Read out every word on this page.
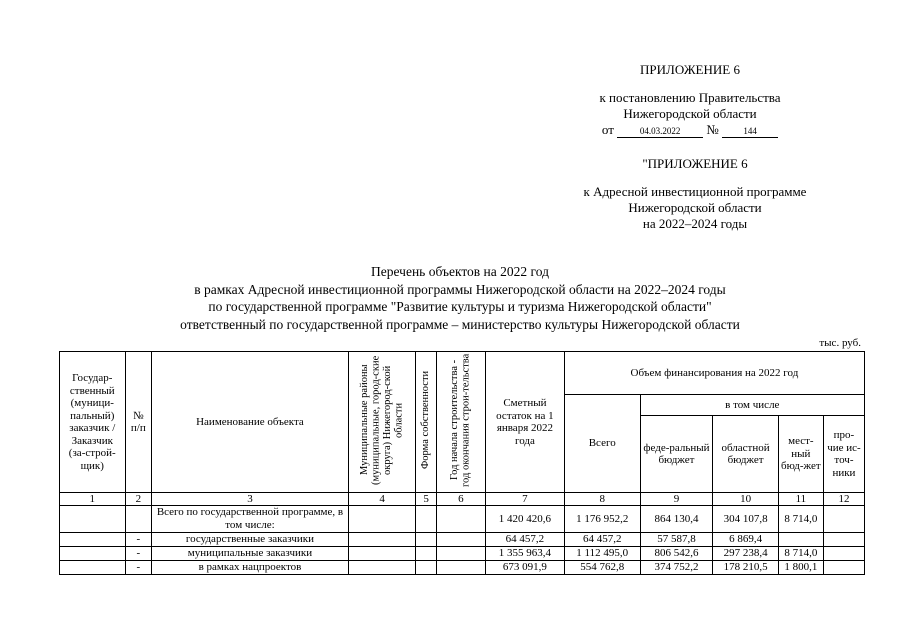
ПРИЛОЖЕНИЕ 6
к постановлению Правительства
Нижегородской области
от	04.03.2022 №	144
"ПРИЛОЖЕНИЕ 6
к Адресной инвестиционной программе
Нижегородской области
на 2022–2024 годы
Перечень объектов на 2022 год
в рамках Адресной инвестиционной программы Нижегородской области на 2022–2024 годы
по государственной программе "Развитие культуры и туризма Нижегородской области"
ответственный по государственной программе – министерство культуры Нижегородской области
тыс. руб.
Государ-ственный (муници-пальный) заказчик / Заказчик (за-строй-щик)	№ п/п	Наименование объекта	Муниципальные районы (муниципальные, город-ские округа) Нижегород-ской области	Форма собственности	Год начала строительства - год окончания строи-тельства	Сметный остаток на 1 января 2022 года	Объем финансирования на 2022 год				
							Всего	в том числе			
								феде-ральный бюджет	областной бюджет	мест-ный бюд-жет	про-чие ис-точ-ники
1	2	3	4	5	6	7	8	9	10	11	12
		Всего по государственной программе, в том числе:				1 420 420,6	1 176 952,2	864 130,4	304 107,8	8 714,0	
	-	государственные заказчики				64 457,2	64 457,2	57 587,8	6 869,4		
	-	муниципальные заказчики				1 355 963,4	1 112 495,0	806 542,6	297 238,4	8 714,0	
	-	в рамках нацпроектов				673 091,9	554 762,8	374 752,2	178 210,5	1 800,1	
